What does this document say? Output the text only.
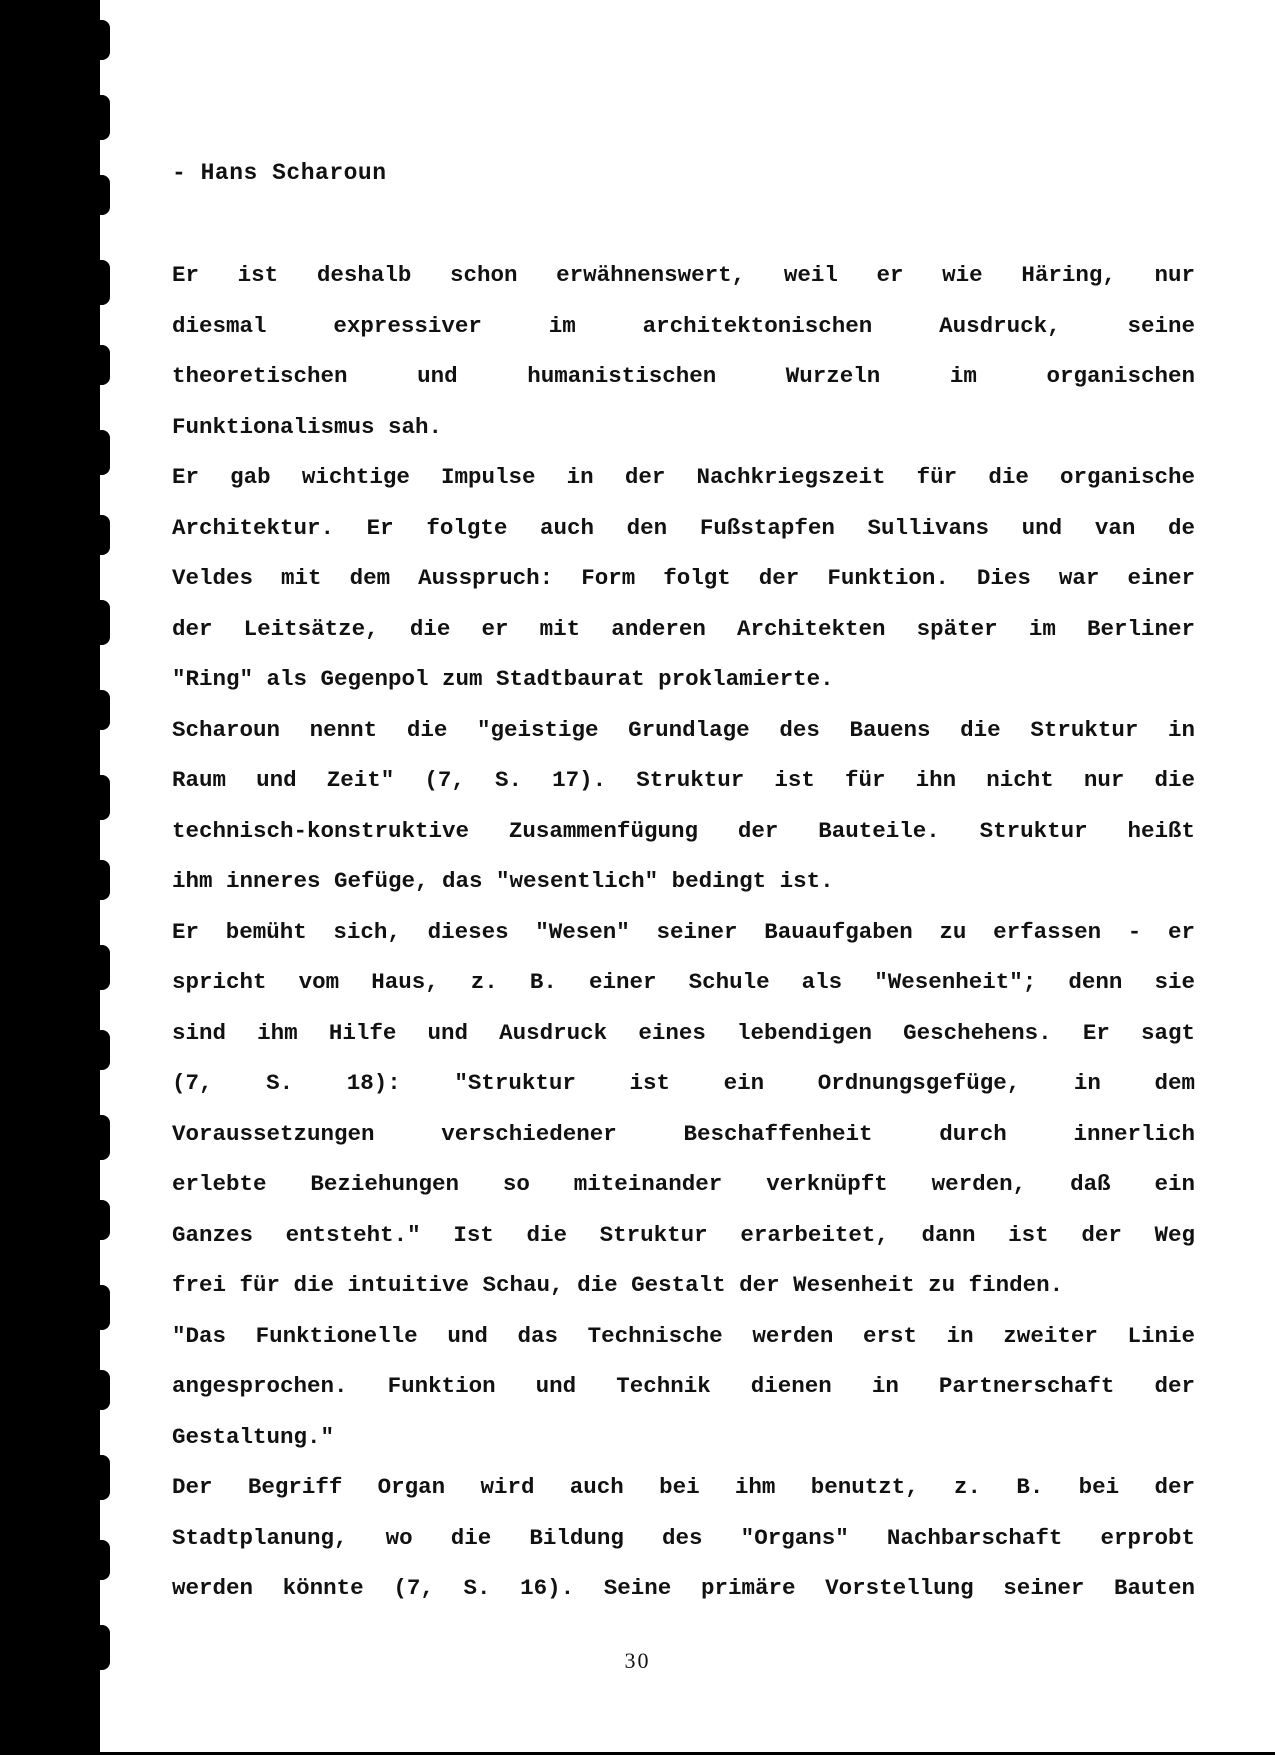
- Hans Scharoun
Er ist deshalb schon erwähnenswert, weil er wie Häring, nur
diesmal expressiver im architektonischen Ausdruck, seine
theoretischen und humanistischen Wurzeln im organischen
Funktionalismus sah.
Er gab wichtige Impulse in der Nachkriegszeit für die organische
Architektur. Er folgte auch den Fußstapfen Sullivans und van de
Veldes mit dem Ausspruch: Form folgt der Funktion. Dies war einer
der Leitsätze, die er mit anderen Architekten später im Berliner
"Ring" als Gegenpol zum Stadtbaurat proklamierte.
Scharoun nennt die "geistige Grundlage des Bauens die Struktur in
Raum und Zeit" (7, S. 17). Struktur ist für ihn nicht nur die
technisch-konstruktive Zusammenfügung der Bauteile. Struktur heißt
ihm inneres Gefüge, das "wesentlich" bedingt ist.
Er bemüht sich, dieses "Wesen" seiner Bauaufgaben zu erfassen - er
spricht vom Haus, z. B. einer Schule als "Wesenheit"; denn sie
sind ihm Hilfe und Ausdruck eines lebendigen Geschehens. Er sagt
(7, S. 18): "Struktur ist ein Ordnungsgefüge, in dem
Voraussetzungen verschiedener Beschaffenheit durch innerlich
erlebte Beziehungen so miteinander verknüpft werden, daß ein
Ganzes entsteht." Ist die Struktur erarbeitet, dann ist der Weg
frei für die intuitive Schau, die Gestalt der Wesenheit zu finden.
"Das Funktionelle und das Technische werden erst in zweiter Linie
angesprochen. Funktion und Technik dienen in Partnerschaft der
Gestaltung."
Der Begriff Organ wird auch bei ihm benutzt, z. B. bei der
Stadtplanung, wo die Bildung des "Organs" Nachbarschaft erprobt
werden könnte (7, S. 16). Seine primäre Vorstellung seiner Bauten
30
